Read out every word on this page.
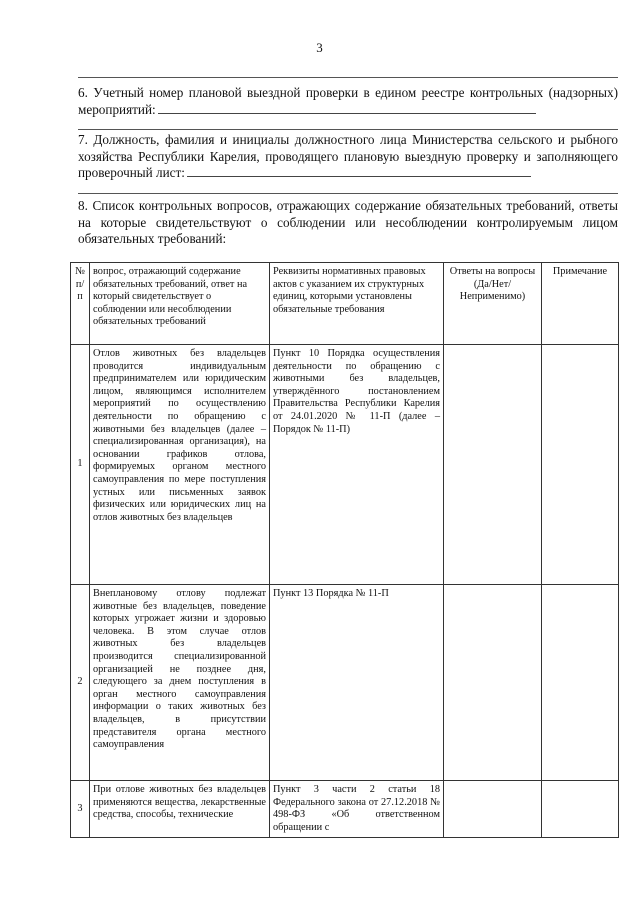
3
6. Учетный номер плановой выездной проверки в едином реестре контрольных (надзорных) мероприятий:
7. Должность, фамилия и инициалы должностного лица Министерства сельского и рыбного хозяйства Республики Карелия, проводящего плановую выездную проверку и заполняющего проверочный лист:
8. Список контрольных вопросов, отражающих содержание обязательных требований, ответы на которые свидетельствуют о соблюдении или несоблюдении контролируемым лицом обязательных требований:
№ п/п	вопрос, отражающий содержание обязательных требований, ответ на который свидетельствует о соблюдении или несоблюдении обязательных требований	Реквизиты нормативных правовых актов с указанием их структурных единиц, которыми установлены обязательные требования	Ответы на вопросы (Да/Нет/Неприменимо)	Примечание
1	Отлов животных без владельцев проводится индивидуальным предпринимателем или юридическим лицом, являющимся исполнителем мероприятий по осуществлению деятельности по обращению с животными без владельцев (далее – специализированная организация), на основании графиков отлова, формируемых органом местного самоуправления по мере поступления устных или письменных заявок физических или юридических лиц на отлов животных без владельцев	Пункт 10 Порядка осуществления деятельности по обращению с животными без владельцев, утверждённого постановлением Правительства Республики Карелия от 24.01.2020 № 11-П (далее – Порядок № 11-П)		
2	Внеплановому отлову подлежат животные без владельцев, поведение которых угрожает жизни и здоровью человека. В этом случае отлов животных без владельцев производится специализированной организацией не позднее дня, следующего за днем поступления в орган местного самоуправления информации о таких животных без владельцев, в присутствии представителя органа местного самоуправления	Пункт 13 Порядка № 11-П		
3	При отлове животных без владельцев применяются вещества, лекарственные средства, способы, технические	Пункт 3 части 2 статьи 18 Федерального закона от 27.12.2018 № 498-ФЗ «Об ответственном обращении с		
